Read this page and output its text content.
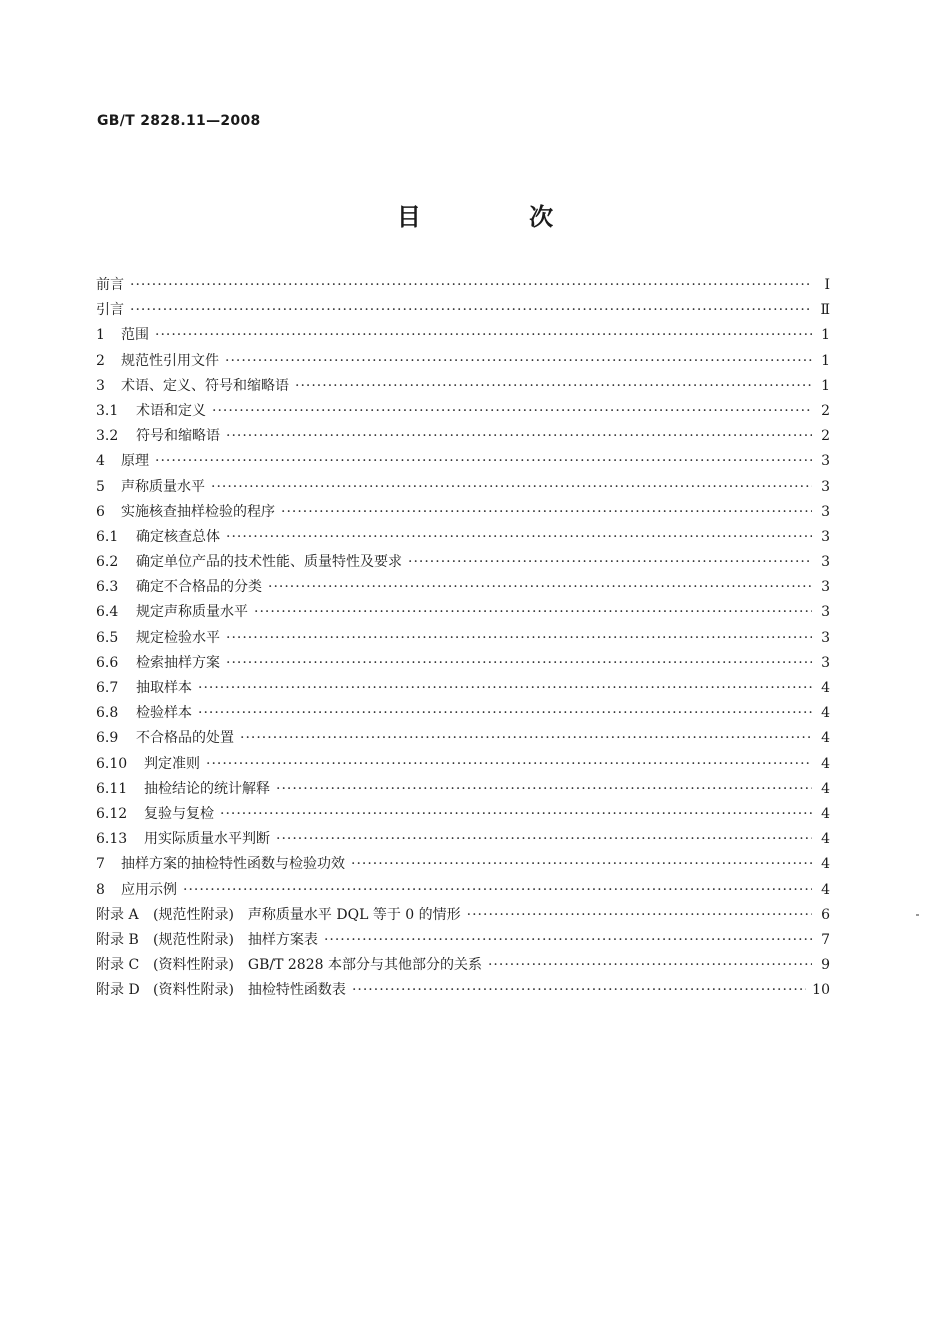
GB/T 2828.11—2008
目 次
前言 ·····	I
引言 ·····	Ⅱ
1	范围 ·····	1
2	规范性引用文件 ·····	1
3	术语、定义、符号和缩略语 ·····	1
3.1	术语和定义 ·····	2
3.2	符号和缩略语 ·····	2
4	原理 ·····	3
5	声称质量水平 ·····	3
6	实施核查抽样检验的程序 ·····	3
6.1	确定核查总体 ·····	3
6.2	确定单位产品的技术性能、质量特性及要求 ·····	3
6.3	确定不合格品的分类 ·····	3
6.4	规定声称质量水平 ·····	3
6.5	规定检验水平 ·····	3
6.6	检索抽样方案 ·····	3
6.7	抽取样本 ·····	4
6.8	检验样本 ·····	4
6.9	不合格品的处置 ·····	4
6.10	判定准则 ·····	4
6.11	抽检结论的统计解释 ·····	4
6.12	复验与复检 ·····	4
6.13	用实际质量水平判断 ·····	4
7	抽样方案的抽检特性函数与检验功效 ·····	4
8	应用示例 ·····	4
附录 A	(规范性附录)　声称质量水平 DQL 等于 0 的情形 ·····	6
附录 B	(规范性附录)　抽样方案表 ·····	7
附录 C (资料性附录)　GB/T 2828 本部分与其他部分的关系 ·····	9
附录 D (资料性附录)　抽检特性函数表 ·····	10
